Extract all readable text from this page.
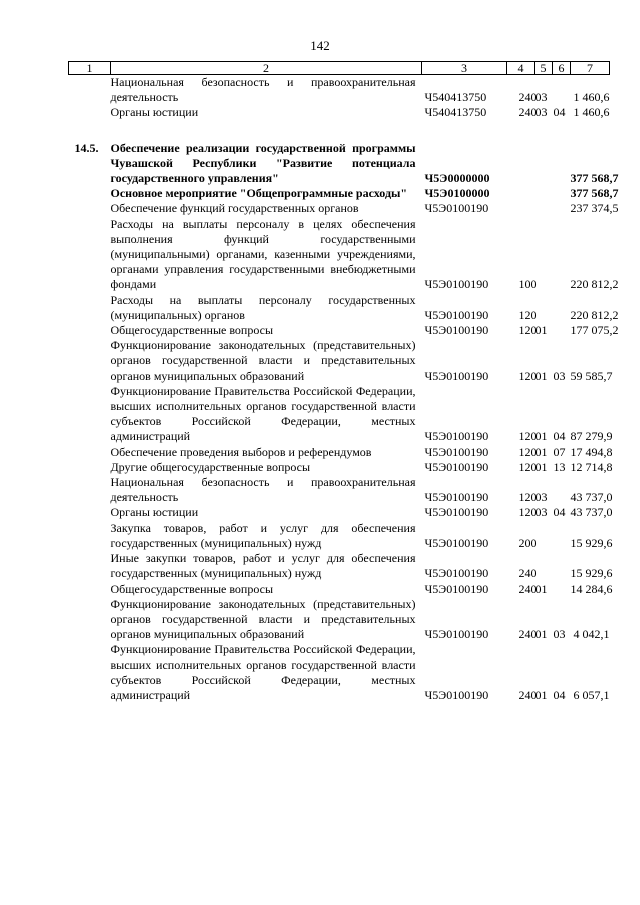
142
1	2	3	4	5	6	7
	Национальная безопасность и правоохранительная деятельность	Ч540413750	240	03		1 460,6
	Органы юстиции	Ч540413750	240	03	04	1 460,6

14.5.	Обеспечение реализации государственной программы Чувашской Республики "Развитие потенциала государственного управления"	Ч5Э0000000				377 568,7
	Основное мероприятие "Общепрограммные расходы"	Ч5Э0100000				377 568,7
	Обеспечение функций государственных органов	Ч5Э0100190				237 374,5
	Расходы на выплаты персоналу в целях обеспечения выполнения функций государственными (муниципальными) органами, казенными учреждениями, органами управления государственными внебюджетными фондами	Ч5Э0100190	100			220 812,2
	Расходы на выплаты персоналу государственных (муниципальных) органов	Ч5Э0100190	120			220 812,2
	Общегосударственные вопросы	Ч5Э0100190	120	01		177 075,2
	Функционирование законодательных (представительных) органов государственной власти и представительных органов муниципальных образований	Ч5Э0100190	120	01	03	59 585,7
	Функционирование Правительства Российской Федерации, высших исполнительных органов государственной власти субъектов Российской Федерации, местных администраций	Ч5Э0100190	120	01	04	87 279,9
	Обеспечение проведения выборов и референдумов	Ч5Э0100190	120	01	07	17 494,8
	Другие общегосударственные вопросы	Ч5Э0100190	120	01	13	12 714,8
	Национальная безопасность и правоохранительная деятельность	Ч5Э0100190	120	03		43 737,0
	Органы юстиции	Ч5Э0100190	120	03	04	43 737,0
	Закупка товаров, работ и услуг для обеспечения государственных (муниципальных) нужд	Ч5Э0100190	200			15 929,6
	Иные закупки товаров, работ и услуг для обеспечения государственных (муниципальных) нужд	Ч5Э0100190	240			15 929,6
	Общегосударственные вопросы	Ч5Э0100190	240	01		14 284,6
	Функционирование законодательных (представительных) органов государственной власти и представительных органов муниципальных образований	Ч5Э0100190	240	01	03	4 042,1
	Функционирование Правительства Российской Федерации, высших исполнительных органов государственной власти субъектов Российской Федерации, местных администраций	Ч5Э0100190	240	01	04	6 057,1
